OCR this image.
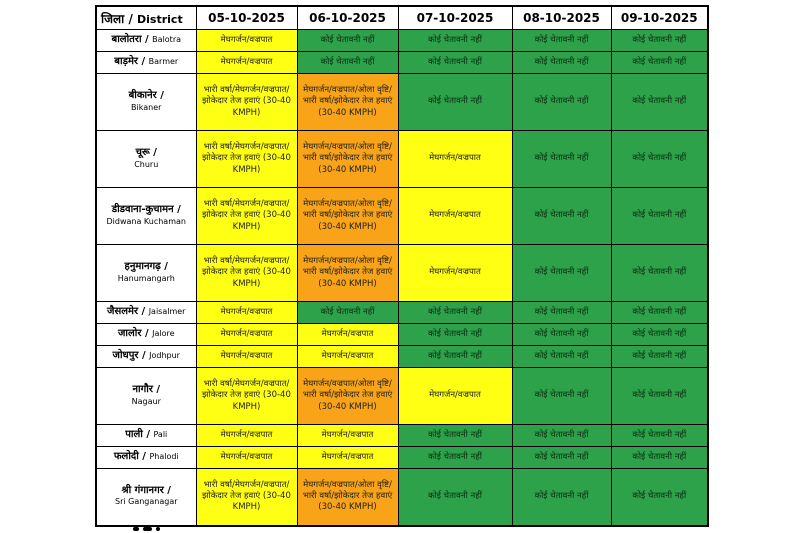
जिला / District	05-10-2025	06-10-2025	07-10-2025	08-10-2025	09-10-2025
बालोतरा / Balotra	मेघगर्जन/वज्रपात	कोई चेतावनी नहीं	कोई चेतावनी नहीं	कोई चेतावनी नहीं	कोई चेतावनी नहीं
बाड़मेर / Barmer	मेघगर्जन/वज्रपात	कोई चेतावनी नहीं	कोई चेतावनी नहीं	कोई चेतावनी नहीं	कोई चेतावनी नहीं
बीकानेर /
Bikaner	भारी वर्षा/मेघगर्जन/वज्रपात/झोकेदार तेज हवाएं (30-40 KMPH)	मेघगर्जन/वज्रपात/ओला वृष्टि/भारी वर्षा/झोकेदार तेज हवाएं (30-40 KMPH)	कोई चेतावनी नहीं	कोई चेतावनी नहीं	कोई चेतावनी नहीं
चूरू /
Churu	भारी वर्षा/मेघगर्जन/वज्रपात/झोकेदार तेज हवाएं (30-40 KMPH)	मेघगर्जन/वज्रपात/ओला वृष्टि/भारी वर्षा/झोकेदार तेज हवाएं (30-40 KMPH)	मेघगर्जन/वज्रपात	कोई चेतावनी नहीं	कोई चेतावनी नहीं
डीडवाना-कुचामन /
Didwana Kuchaman	भारी वर्षा/मेघगर्जन/वज्रपात/झोकेदार तेज हवाएं (30-40 KMPH)	मेघगर्जन/वज्रपात/ओला वृष्टि/भारी वर्षा/झोकेदार तेज हवाएं (30-40 KMPH)	मेघगर्जन/वज्रपात	कोई चेतावनी नहीं	कोई चेतावनी नहीं
हनुमानगढ़ /
Hanumangarh	भारी वर्षा/मेघगर्जन/वज्रपात/झोकेदार तेज हवाएं (30-40 KMPH)	मेघगर्जन/वज्रपात/ओला वृष्टि/भारी वर्षा/झोकेदार तेज हवाएं (30-40 KMPH)	मेघगर्जन/वज्रपात	कोई चेतावनी नहीं	कोई चेतावनी नहीं
जैसलमेर / Jaisalmer	मेघगर्जन/वज्रपात	कोई चेतावनी नहीं	कोई चेतावनी नहीं	कोई चेतावनी नहीं	कोई चेतावनी नहीं
जालोर / Jalore	मेघगर्जन/वज्रपात	मेघगर्जन/वज्रपात	कोई चेतावनी नहीं	कोई चेतावनी नहीं	कोई चेतावनी नहीं
जोधपुर / Jodhpur	मेघगर्जन/वज्रपात	मेघगर्जन/वज्रपात	कोई चेतावनी नहीं	कोई चेतावनी नहीं	कोई चेतावनी नहीं
नागौर /
Nagaur	भारी वर्षा/मेघगर्जन/वज्रपात/झोकेदार तेज हवाएं (30-40 KMPH)	मेघगर्जन/वज्रपात/ओला वृष्टि/भारी वर्षा/झोकेदार तेज हवाएं (30-40 KMPH)	मेघगर्जन/वज्रपात	कोई चेतावनी नहीं	कोई चेतावनी नहीं
पाली / Pali	मेघगर्जन/वज्रपात	मेघगर्जन/वज्रपात	कोई चेतावनी नहीं	कोई चेतावनी नहीं	कोई चेतावनी नहीं
फलोदी / Phalodi	मेघगर्जन/वज्रपात	मेघगर्जन/वज्रपात	कोई चेतावनी नहीं	कोई चेतावनी नहीं	कोई चेतावनी नहीं
श्री गंगानगर /
Sri Ganganagar	भारी वर्षा/मेघगर्जन/वज्रपात/झोकेदार तेज हवाएं (30-40 KMPH)	मेघगर्जन/वज्रपात/ओला वृष्टि/भारी वर्षा/झोकेदार तेज हवाएं (30-40 KMPH)	कोई चेतावनी नहीं	कोई चेतावनी नहीं	कोई चेतावनी नहीं
